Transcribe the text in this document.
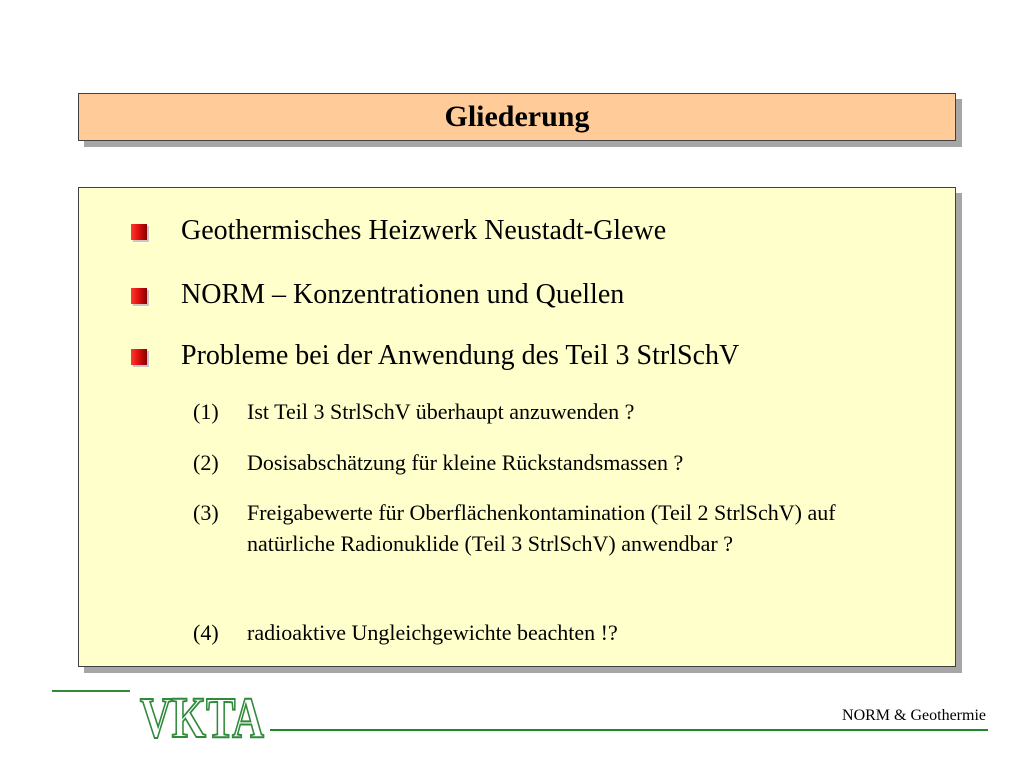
Gliederung
Geothermisches Heizwerk Neustadt-Glewe
NORM – Konzentrationen und Quellen
Probleme bei der Anwendung des Teil 3 StrlSchV
(1)	Ist Teil 3 StrlSchV überhaupt anzuwenden ?
(2)	Dosisabschätzung für kleine Rückstandsmassen ?
(3)	Freigabewerte für Oberflächenkontamination (Teil 2 StrlSchV) auf natürliche Radionuklide (Teil 3 StrlSchV) anwendbar ?
(4)	radioaktive Ungleichgewichte beachten !?
VKTA	NORM & Geothermie
